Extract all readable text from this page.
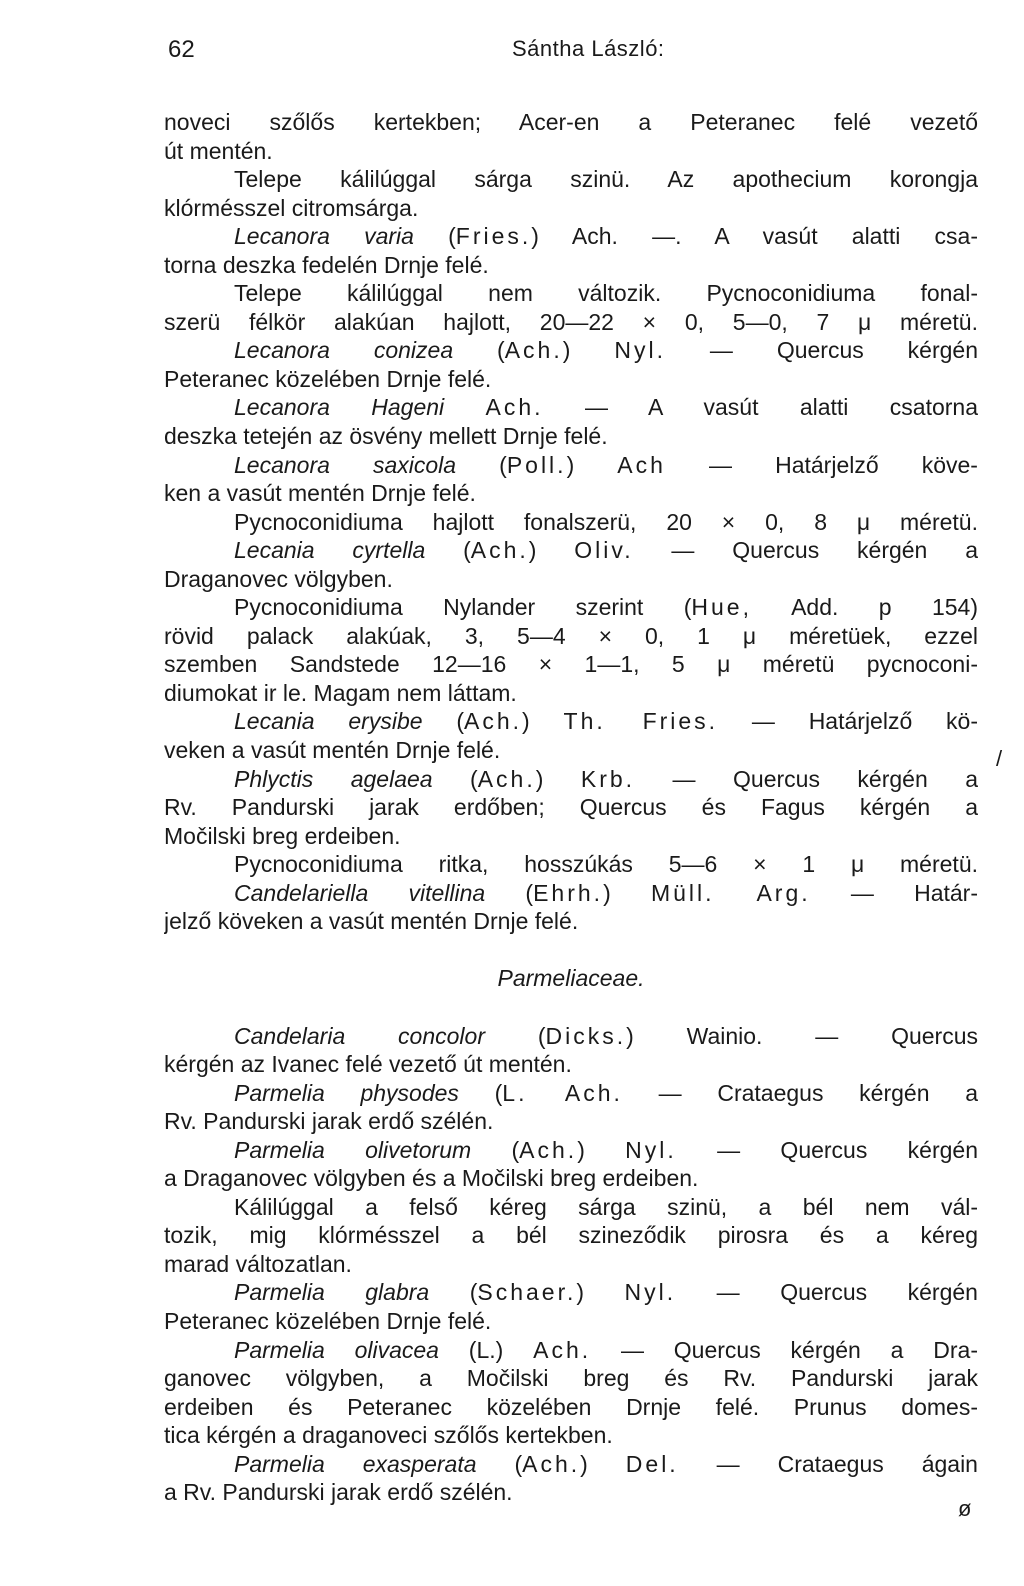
62	Sántha László:
noveci szőlős kertekben; Acer-en a Peteranec felé vezető
út mentén.
Telepe kálilúggal sárga szinü. Az apothecium korongja
klórmésszel citromsárga.
Lecanora varia (Fries.) Ach. —. A vasút alatti csa-
torna deszka fedelén Drnje felé.
Telepe kálilúggal nem változik. Pycnoconidiuma fonal-
szerü félkör alakúan hajlott, 20—22 × 0, 5—0, 7 μ méretü.
Lecanora conizea (Ach.) Nyl. — Quercus kérgén
Peteranec közelében Drnje felé.
Lecanora Hageni Ach. — A vasút alatti csatorna
deszka tetején az ösvény mellett Drnje felé.
Lecanora saxicola (Poll.) Ach — Határjelző köve-
ken a vasút mentén Drnje felé.
Pycnoconidiuma hajlott fonalszerü, 20 × 0, 8 μ méretü.
Lecania cyrtella (Ach.) Oliv. — Quercus kérgén a
Draganovec völgyben.
Pycnoconidiuma Nylander szerint (Hue, Add. p 154)
rövid palack alakúak, 3, 5—4 × 0, 1 μ méretüek, ezzel
szemben Sandstede 12—16 × 1—1, 5 μ méretü pycnoconi-
diumokat ir le. Magam nem láttam.
Lecania erysibe (Ach.) Th. Fries. — Határjelző kö-
veken a vasút mentén Drnje felé.
Phlyctis agelaea (Ach.) Krb. — Quercus kérgén a
Rv. Pandurski jarak erdőben; Quercus és Fagus kérgén a
Močilski breg erdeiben.
Pycnoconidiuma ritka, hosszúkás 5—6 × 1 μ méretü.
Candelariella vitellina (Ehrh.) Müll. Arg. — Határ-
jelző köveken a vasút mentén Drnje felé.
Parmeliaceae.
Candelaria concolor (Dicks.) Wainio. — Quercus
kérgén az Ivanec felé vezető út mentén.
Parmelia physodes (L. Ach. — Crataegus kérgén a
Rv. Pandurski jarak erdő szélén.
Parmelia olivetorum (Ach.) Nyl. — Quercus kérgén
a Draganovec völgyben és a Močilski breg erdeiben.
Kálilúggal a felső kéreg sárga szinü, a bél nem vál-
tozik, mig klórmésszel a bél szineződik pirosra és a kéreg
marad változatlan.
Parmelia glabra (Schaer.) Nyl. — Quercus kérgén
Peteranec közelében Drnje felé.
Parmelia olivacea (L.) Ach. — Quercus kérgén a Dra-
ganovec völgyben, a Močilski breg és Rv. Pandurski jarak
erdeiben és Peteranec közelében Drnje felé. Prunus domes-
tica kérgén a draganoveci szőlős kertekben.
Parmelia exasperata (Ach.) Del. — Crataegus ágain
a Rv. Pandurski jarak erdő szélén.
/
ø
